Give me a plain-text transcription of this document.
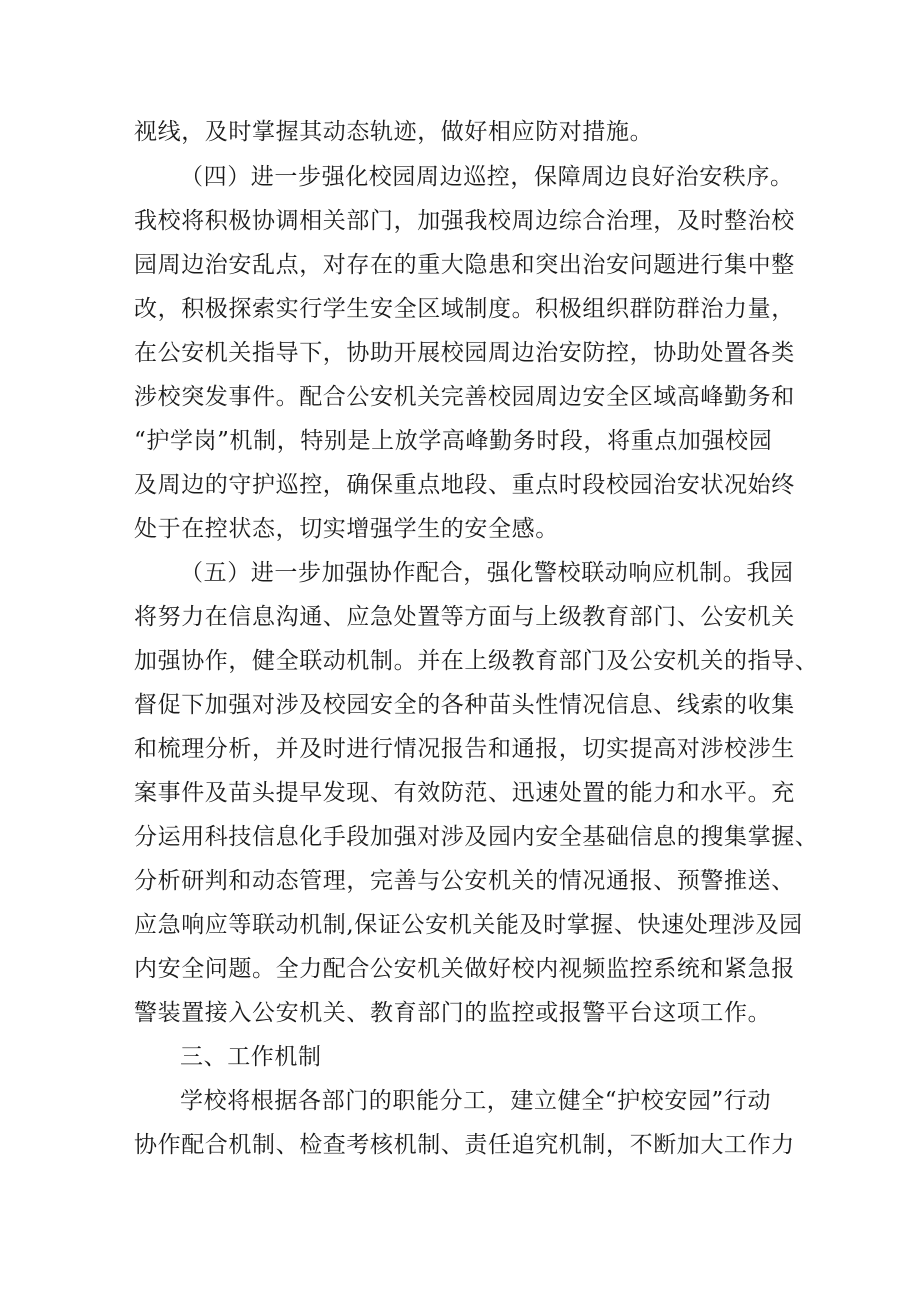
视线，及时掌握其动态轨迹，做好相应防对措施。
（四）进一步强化校园周边巡控，保障周边良好治安秩序。
我校将积极协调相关部门，加强我校周边综合治理，及时整治校
园周边治安乱点，对存在的重大隐患和突出治安问题进行集中整
改，积极探索实行学生安全区域制度。积极组织群防群治力量，
在公安机关指导下，协助开展校园周边治安防控，协助处置各类
涉校突发事件。配合公安机关完善校园周边安全区域高峰勤务和
“护学岗”机制，特别是上放学高峰勤务时段，将重点加强校园
及周边的守护巡控，确保重点地段、重点时段校园治安状况始终
处于在控状态，切实增强学生的安全感。
（五）进一步加强协作配合，强化警校联动响应机制。我园
将努力在信息沟通、应急处置等方面与上级教育部门、公安机关
加强协作，健全联动机制。并在上级教育部门及公安机关的指导、
督促下加强对涉及校园安全的各种苗头性情况信息、线索的收集
和梳理分析，并及时进行情况报告和通报，切实提高对涉校涉生
案事件及苗头提早发现、有效防范、迅速处置的能力和水平。充
分运用科技信息化手段加强对涉及园内安全基础信息的搜集掌握、
分析研判和动态管理，完善与公安机关的情况通报、预警推送、
应急响应等联动机制,保证公安机关能及时掌握、快速处理涉及园
内安全问题。全力配合公安机关做好校内视频监控系统和紧急报
警装置接入公安机关、教育部门的监控或报警平台这项工作。
三、工作机制
学校将根据各部门的职能分工，建立健全“护校安园”行动
协作配合机制、检查考核机制、责任追究机制，不断加大工作力
